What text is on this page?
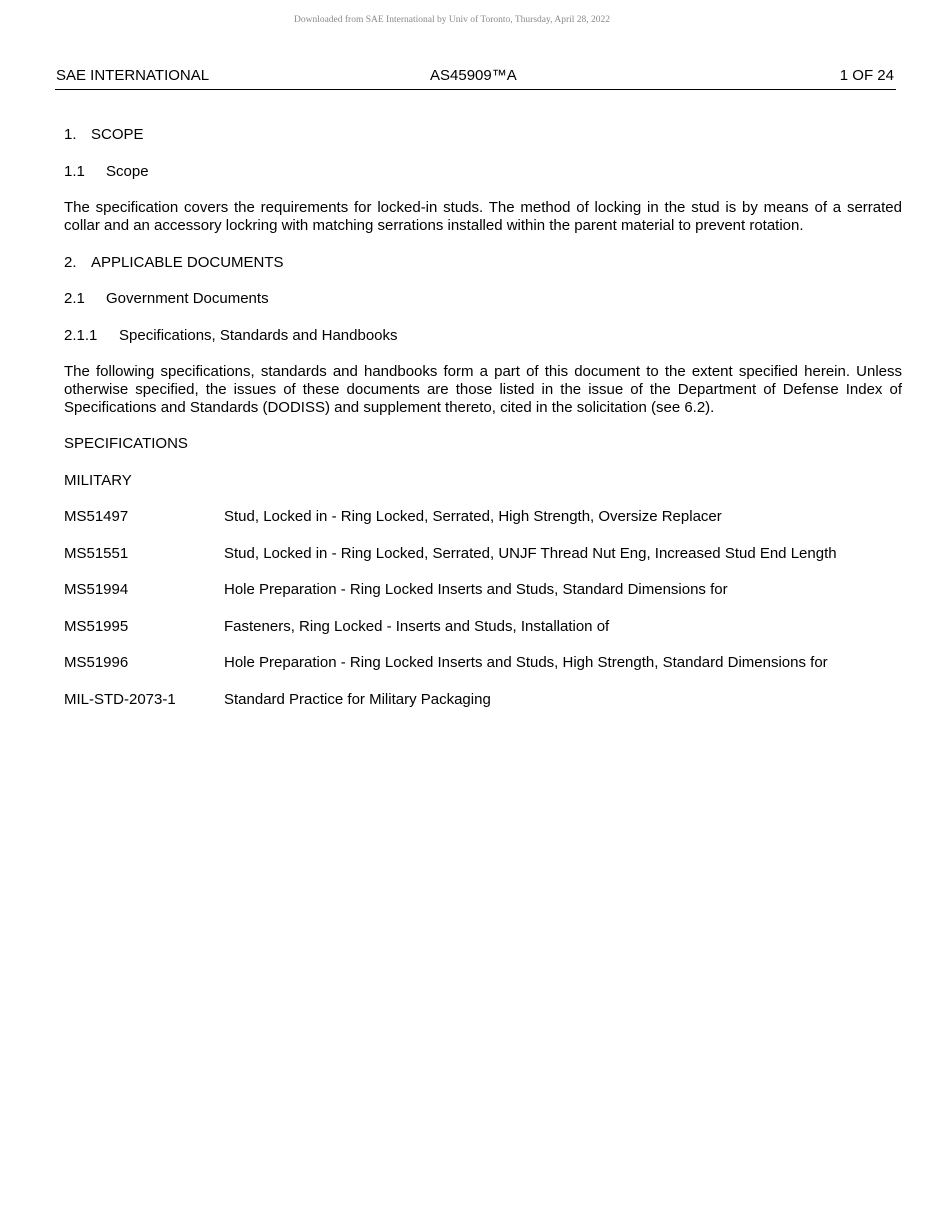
Downloaded from SAE International by Univ of Toronto, Thursday, April 28, 2022
SAE INTERNATIONAL	AS45909™A	1 OF 24
1. SCOPE
1.1 Scope
The specification covers the requirements for locked-in studs. The method of locking in the stud is by means of a serrated collar and an accessory lockring with matching serrations installed within the parent material to prevent rotation.
2. APPLICABLE DOCUMENTS
2.1 Government Documents
2.1.1 Specifications, Standards and Handbooks
The following specifications, standards and handbooks form a part of this document to the extent specified herein. Unless otherwise specified, the issues of these documents are those listed in the issue of the Department of Defense Index of Specifications and Standards (DODISS) and supplement thereto, cited in the solicitation (see 6.2).
SPECIFICATIONS
MILITARY
MS51497	Stud, Locked in - Ring Locked, Serrated, High Strength, Oversize Replacer
MS51551	Stud, Locked in - Ring Locked, Serrated, UNJF Thread Nut Eng, Increased Stud End Length
MS51994	Hole Preparation - Ring Locked Inserts and Studs, Standard Dimensions for
MS51995	Fasteners, Ring Locked - Inserts and Studs, Installation of
MS51996	Hole Preparation - Ring Locked Inserts and Studs, High Strength, Standard Dimensions for
MIL-STD-2073-1	Standard Practice for Military Packaging
